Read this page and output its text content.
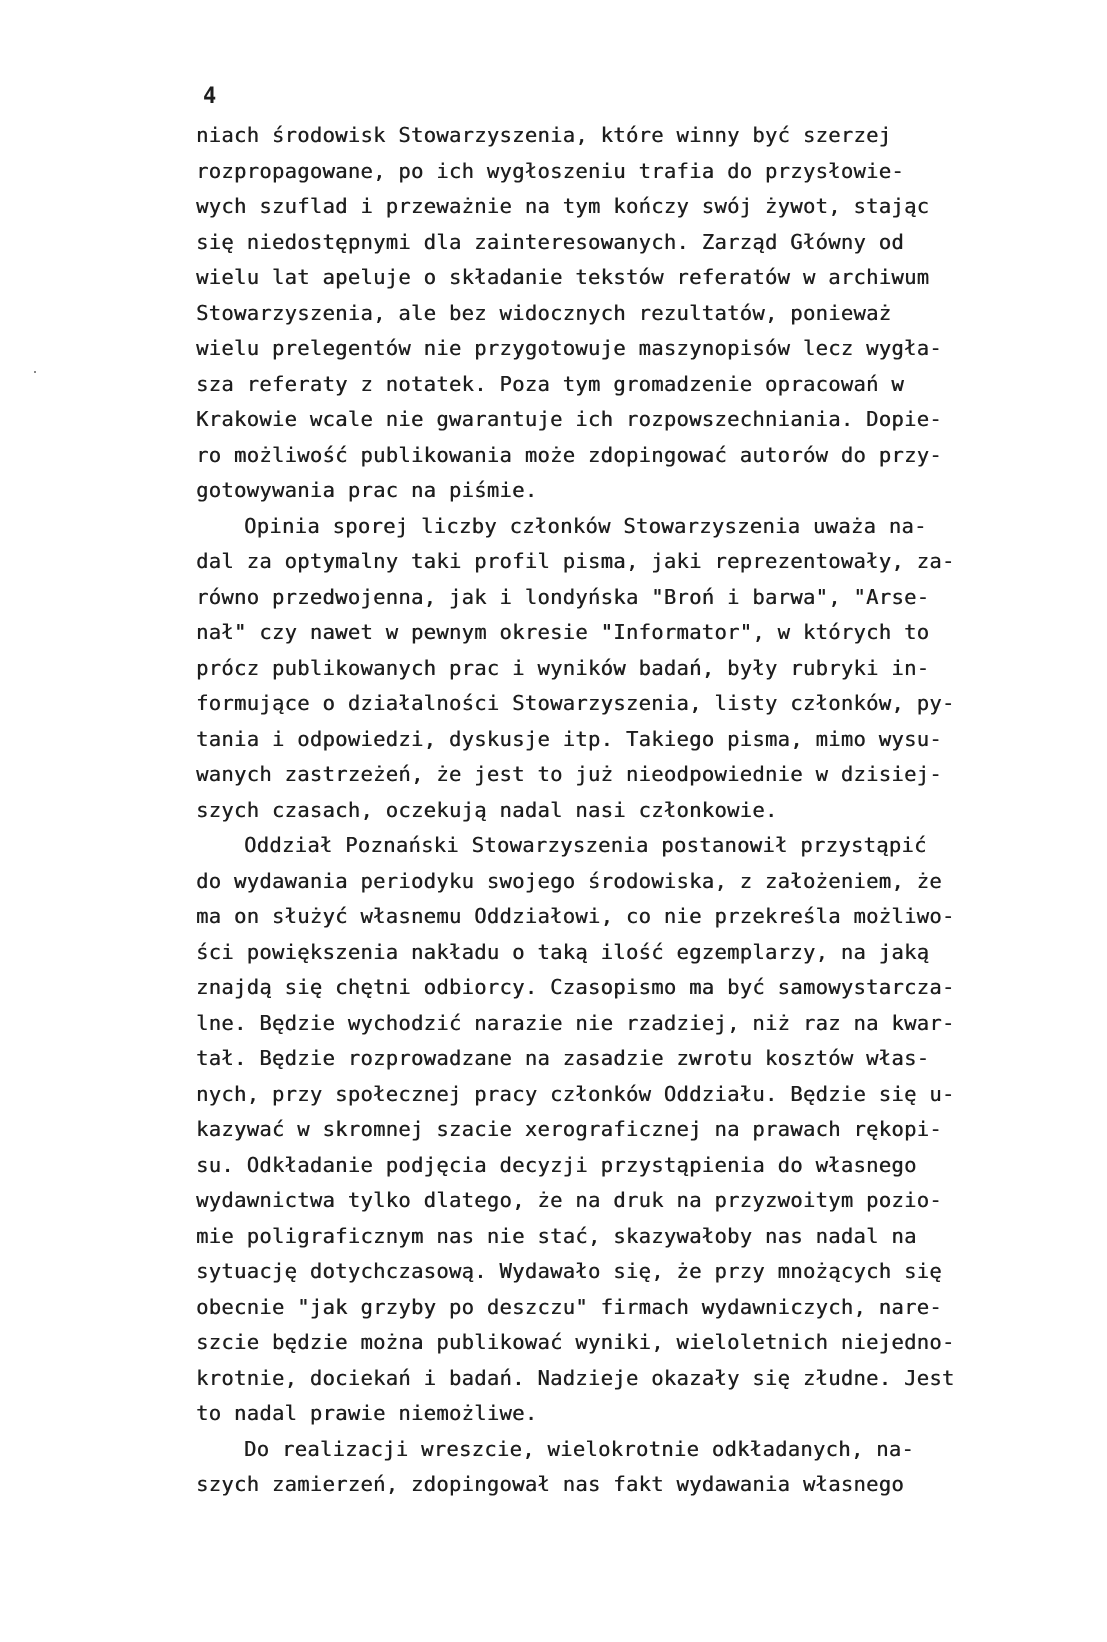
4
niach środowisk Stowarzyszenia, które winny być szerzej
rozpropagowane, po ich wygłoszeniu trafia do przysłowie-
wych szuflad i przeważnie na tym kończy swój żywot, stając
się niedostępnymi dla zainteresowanych. Zarząd Główny od
wielu lat apeluje o składanie tekstów referatów w archiwum
Stowarzyszenia, ale bez widocznych rezultatów, ponieważ
wielu prelegentów nie przygotowuje maszynopisów lecz wygła-
sza referaty z notatek. Poza tym gromadzenie opracowań w
Krakowie wcale nie gwarantuje ich rozpowszechniania. Dopie-
ro możliwość publikowania może zdopingować autorów do przy-
gotowywania prac na piśmie.
Opinia sporej liczby członków Stowarzyszenia uważa na-
dal za optymalny taki profil pisma, jaki reprezentowały, za-
równo przedwojenna, jak i londyńska "Broń i barwa", "Arse-
nał" czy nawet w pewnym okresie "Informator", w których to
prócz publikowanych prac i wyników badań, były rubryki in-
formujące o działalności Stowarzyszenia, listy członków, py-
tania i odpowiedzi, dyskusje itp. Takiego pisma, mimo wysu-
wanych zastrzeżeń, że jest to już nieodpowiednie w dzisiej-
szych czasach, oczekują nadal nasi członkowie.
Oddział Poznański Stowarzyszenia postanowił przystąpić
do wydawania periodyku swojego środowiska, z założeniem, że
ma on służyć własnemu Oddziałowi, co nie przekreśla możliwo-
ści powiększenia nakładu o taką ilość egzemplarzy, na jaką
znajdą się chętni odbiorcy. Czasopismo ma być samowystarcza-
lne. Będzie wychodzić narazie nie rzadziej, niż raz na kwar-
tał. Będzie rozprowadzane na zasadzie zwrotu kosztów włas-
nych, przy społecznej pracy członków Oddziału. Będzie się u-
kazywać w skromnej szacie xerograficznej na prawach rękopi-
su. Odkładanie podjęcia decyzji przystąpienia do własnego
wydawnictwa tylko dlatego, że na druk na przyzwoitym pozio-
mie poligraficznym nas nie stać, skazywałoby nas nadal na
sytuację dotychczasową. Wydawało się, że przy mnożących się
obecnie "jak grzyby po deszczu" firmach wydawniczych, nare-
szcie będzie można publikować wyniki, wieloletnich niejedno-
krotnie, dociekań i badań. Nadzieje okazały się złudne. Jest
to nadal prawie niemożliwe.
Do realizacji wreszcie, wielokrotnie odkładanych, na-
szych zamierzeń, zdopingował nas fakt wydawania własnego
